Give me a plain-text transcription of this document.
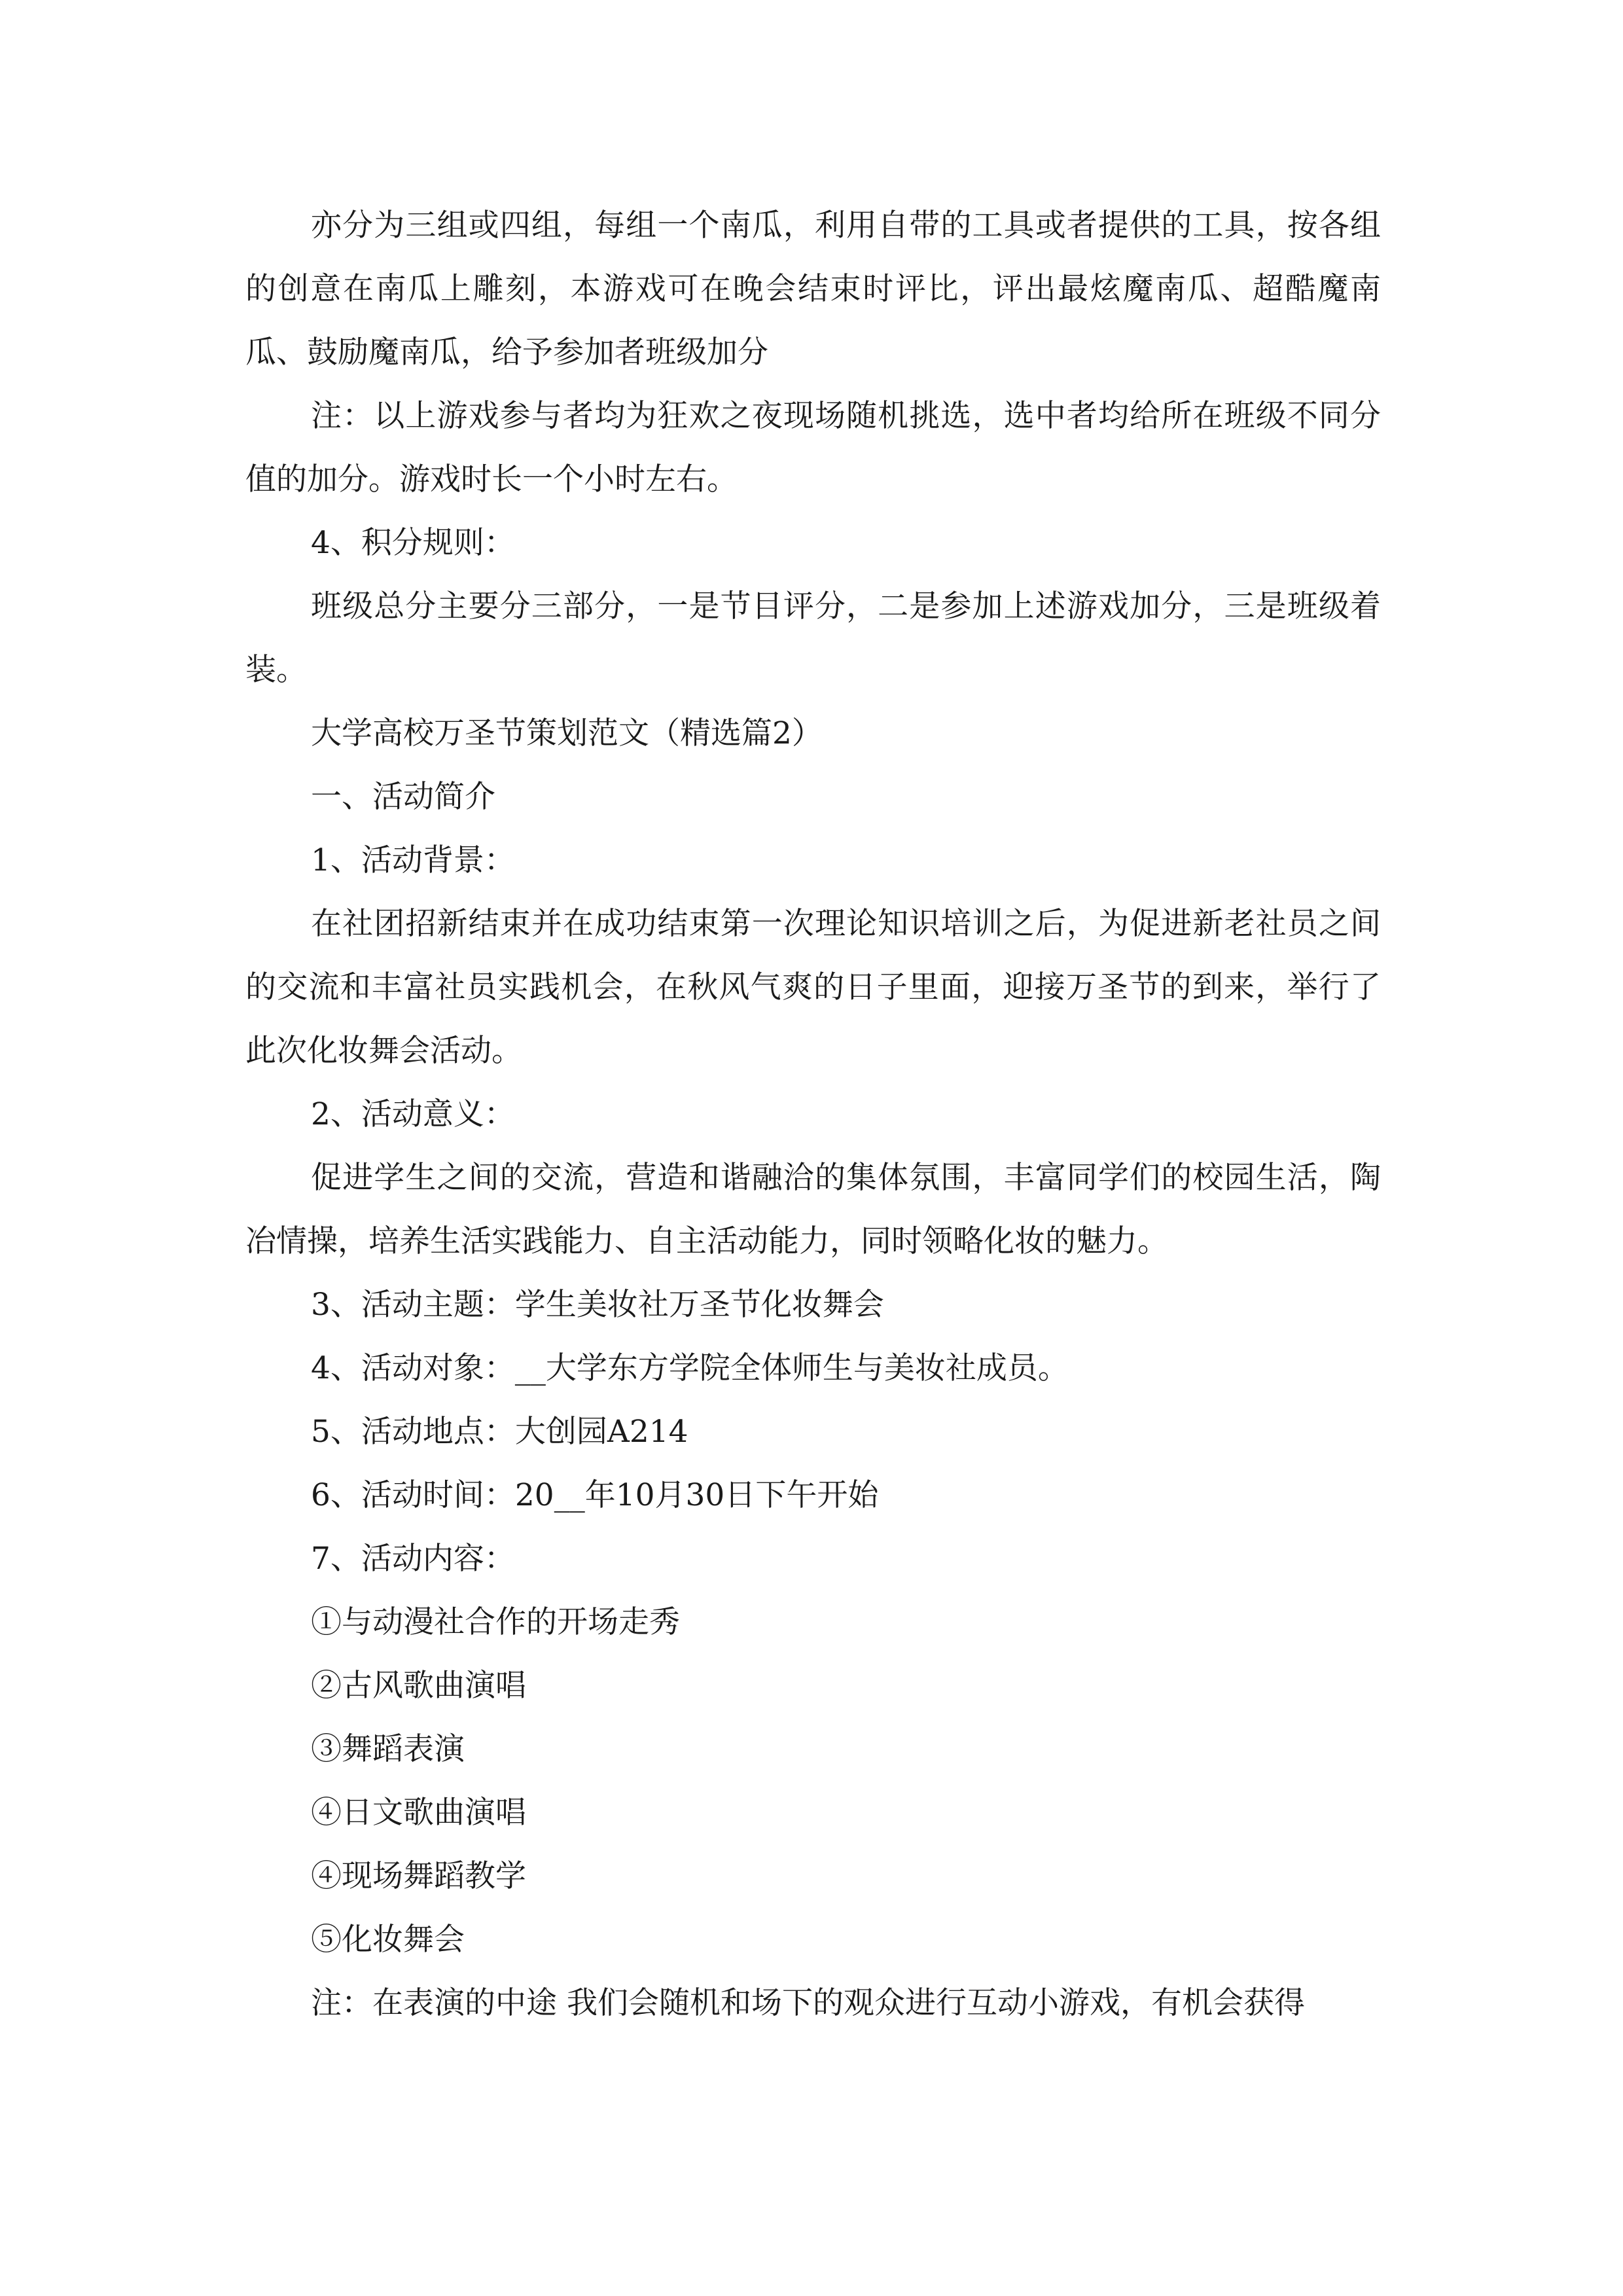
亦分为三组或四组，每组一个南瓜，利用自带的工具或者提供的工具，按各组的创意在南瓜上雕刻，本游戏可在晚会结束时评比，评出最炫魔南瓜、超酷魔南瓜、鼓励魔南瓜，给予参加者班级加分

注：以上游戏参与者均为狂欢之夜现场随机挑选，选中者均给所在班级不同分值的加分。游戏时长一个小时左右。

4、积分规则：

班级总分主要分三部分，一是节目评分，二是参加上述游戏加分，三是班级着装。

大学高校万圣节策划范文（精选篇2）

一、活动简介

1、活动背景：

在社团招新结束并在成功结束第一次理论知识培训之后，为促进新老社员之间的交流和丰富社员实践机会，在秋风气爽的日子里面，迎接万圣节的到来，举行了此次化妆舞会活动。

2、活动意义：

促进学生之间的交流，营造和谐融洽的集体氛围，丰富同学们的校园生活，陶冶情操，培养生活实践能力、自主活动能力，同时领略化妆的魅力。

3、活动主题：学生美妆社万圣节化妆舞会

4、活动对象：__大学东方学院全体师生与美妆社成员。

5、活动地点：大创园A214

6、活动时间：20__年10月30日下午开始

7、活动内容：

①与动漫社合作的开场走秀

②古风歌曲演唱

③舞蹈表演

④日文歌曲演唱

④现场舞蹈教学

⑤化妆舞会

注：在表演的中途 我们会随机和场下的观众进行互动小游戏，有机会获得
